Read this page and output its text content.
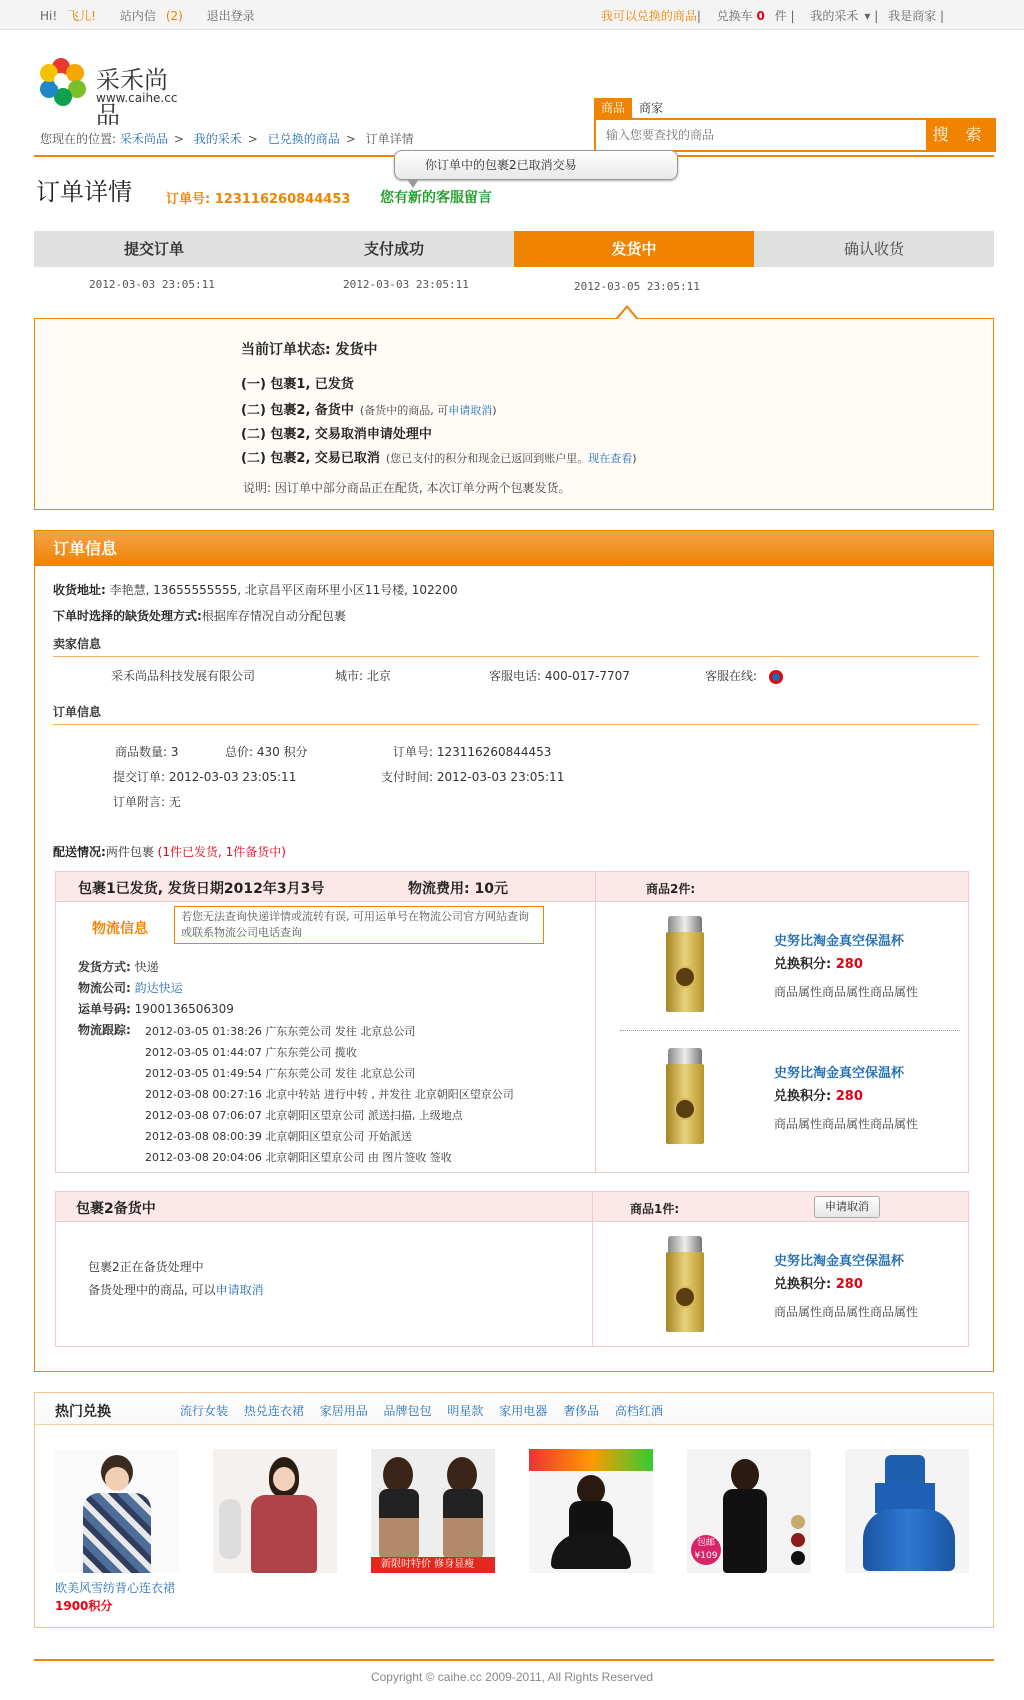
Hi! 飞儿! 站内信 (2) 退出登录	我可以兑换的商品| 兑换车 0 件 | 我的采禾 ▾ | 我是商家 |
采禾尚品
www.caihe.cc
商品 商家
输入您要查找的商品
搜 索
您现在的位置: 采禾尚品 > 我的采禾 > 已兑换的商品 > 订单详情
你订单中的包裹2已取消交易
订单详情	订单号: 123116260844453 您有新的客服留言
提交订单	支付成功	发货中	确认收货
2012-03-03 23:05:11	2012-03-03 23:05:11	2012-03-05 23:05:11
当前订单状态: 发货中
(一) 包裹1, 已发货
(二) 包裹2, 备货中 (备货中的商品, 可申请取消)
(二) 包裹2, 交易取消申请处理中
(二) 包裹2, 交易已取消 (您已支付的积分和现金已返回到账户里。现在查看)
说明: 因订单中部分商品正在配货, 本次订单分两个包裹发货。
订单信息
收货地址: 李艳慧, 13655555555, 北京昌平区南环里小区11号楼, 102200
下单时选择的缺货处理方式:根据库存情况自动分配包裹
卖家信息
采禾尚品科技发展有限公司	城市: 北京	客服电话: 400-017-7707	客服在线:
订单信息
商品数量: 3	总价: 430 积分	订单号: 123116260844453
提交订单: 2012-03-03 23:05:11	支付时间: 2012-03-03 23:05:11
订单附言: 无
配送情况:两件包裹 (1件已发货, 1件备货中)
包裹1已发货, 发货日期2012年3月3号	物流费用: 10元	商品2件:
物流信息
若您无法查询快递详情或流转有误, 可用运单号在物流公司官方网站查询或联系物流公司电话查询
发货方式: 快递
物流公司: 韵达快运
运单号码: 1900136506309
物流跟踪: 2012-03-05 01:38:26 广东东莞公司 发往 北京总公司
2012-03-05 01:44:07 广东东莞公司 揽收
2012-03-05 01:49:54 广东东莞公司 发往 北京总公司
2012-03-08 00:27:16 北京中转站 进行中转 , 并发往 北京朝阳区望京公司
2012-03-08 07:06:07 北京朝阳区望京公司 派送扫描, 上级地点
2012-03-08 08:00:39 北京朝阳区望京公司 开始派送
2012-03-08 20:04:06 北京朝阳区望京公司 由 图片签收 签收
史努比淘金真空保温杯
兑换积分: 280
商品属性商品属性商品属性
史努比淘金真空保温杯
兑换积分: 280
商品属性商品属性商品属性
包裹2备货中	商品1件:	申请取消
包裹2正在备货处理中
备货处理中的商品, 可以申请取消
史努比淘金真空保温杯
兑换积分: 280
商品属性商品属性商品属性
热门兑换	流行女装 热兑连衣裙 家居用品 品牌包包 明星款 家用电器 奢侈品 高档红酒
新限时特价 修身显瘦
包邮
¥109
欧美风雪纺背心连衣裙
1900积分
Copyright © caihe.cc 2009-2011, All Rights Reserved
